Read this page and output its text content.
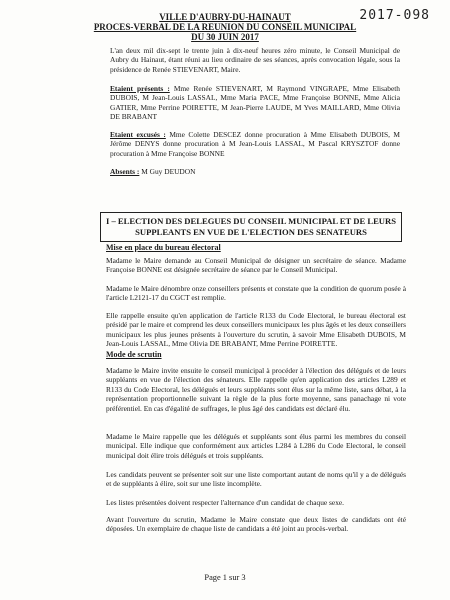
2017-098
VILLE D'AUBRY-DU-HAINAUT
PROCES-VERBAL DE LA REUNION DU CONSEIL MUNICIPAL
DU 30 JUIN 2017
L'an deux mil dix-sept le trente juin à dix-neuf heures zéro minute, le Conseil Municipal de Aubry du Hainaut, étant réuni au lieu ordinaire de ses séances, après convocation légale, sous la présidence de Renée STIEVENART, Maire.
Etaient présents : Mme Renée STIEVENART, M Raymond VINGRAPE, Mme Elisabeth DUBOIS, M Jean-Louis LASSAL, Mme Maria PACE, Mme Françoise BONNE, Mme Alicia GATIER, Mme Perrine POIRETTE, M Jean-Pierre LAUDE, M Yves MAILLARD, Mme Olivia DE BRABANT
Etaient excusés : Mme Colette DESCEZ donne procuration à Mme Elisabeth DUBOIS, M Jérôme DENYS donne procuration à M Jean-Louis LASSAL, M Pascal KRYSZTOF donne procuration à Mme Françoise BONNE
Absents : M Guy DEUDON
I – ELECTION DES DELEGUES DU CONSEIL MUNICIPAL ET DE LEURS
SUPPLEANTS EN VUE DE L'ELECTION DES SENATEURS
Mise en place du bureau électoral
Madame le Maire demande au Conseil Municipal de désigner un secrétaire de séance. Madame Françoise BONNE est désignée secrétaire de séance par le Conseil Municipal.
Madame le Maire dénombre onze conseillers présents et constate que la condition de quorum posée à l'article L2121-17 du CGCT est remplie.
Elle rappelle ensuite qu'en application de l'article R133 du Code Electoral, le bureau électoral est présidé par le maire et comprend les deux conseillers municipaux les plus âgés et les deux conseillers municipaux les plus jeunes présents à l'ouverture du scrutin, à savoir Mme Elisabeth DUBOIS, M Jean-Louis LASSAL, Mme Olivia DE BRABANT, Mme Perrine POIRETTE.
Mode de scrutin
Madame le Maire invite ensuite le conseil municipal à procéder à l'élection des délégués et de leurs suppléants en vue de l'élection des sénateurs. Elle rappelle qu'en application des articles L289 et R133 du Code Electoral, les délégués et leurs suppléants sont élus sur la même liste, sans débat, à la représentation proportionnelle suivant la règle de la plus forte moyenne, sans panachage ni vote préférentiel. En cas d'égalité de suffrages, le plus âgé des candidats est déclaré élu.
Madame le Maire rappelle que les délégués et suppléants sont élus parmi les membres du conseil municipal. Elle indique que conformément aux articles L284 à L286 du Code Electoral, le conseil municipal doit élire trois délégués et trois suppléants.
Les candidats peuvent se présenter soit sur une liste comportant autant de noms qu'il y a de délégués et de suppléants à élire, soit sur une liste incomplète.
Les listes présentées doivent respecter l'alternance d'un candidat de chaque sexe.
Avant l'ouverture du scrutin, Madame le Maire constate que deux listes de candidats ont été déposées. Un exemplaire de chaque liste de candidats a été joint au procès-verbal.
Page 1 sur 3
